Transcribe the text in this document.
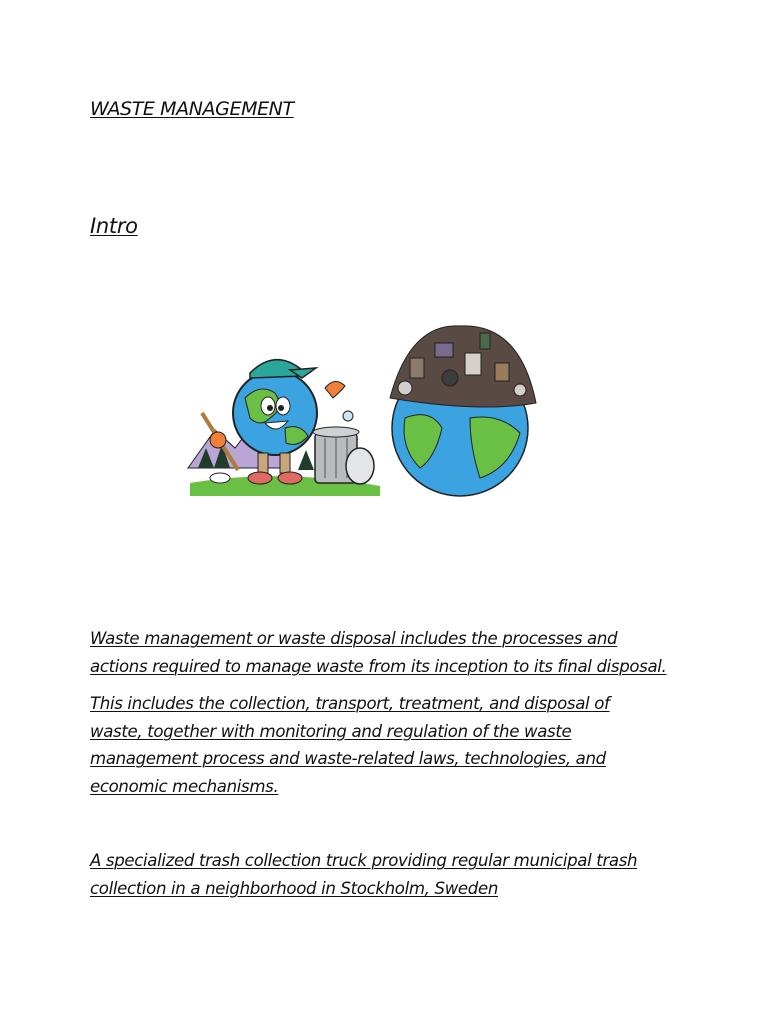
WASTE MANAGEMENT
Intro
Waste management or waste disposal includes the processes and
actions required to manage waste from its inception to its final disposal.
This includes the collection, transport, treatment, and disposal of
waste, together with monitoring and regulation of the waste
management process and waste-related laws, technologies, and
economic mechanisms.
A specialized trash collection truck providing regular municipal trash
collection in a neighborhood in Stockholm, Sweden
